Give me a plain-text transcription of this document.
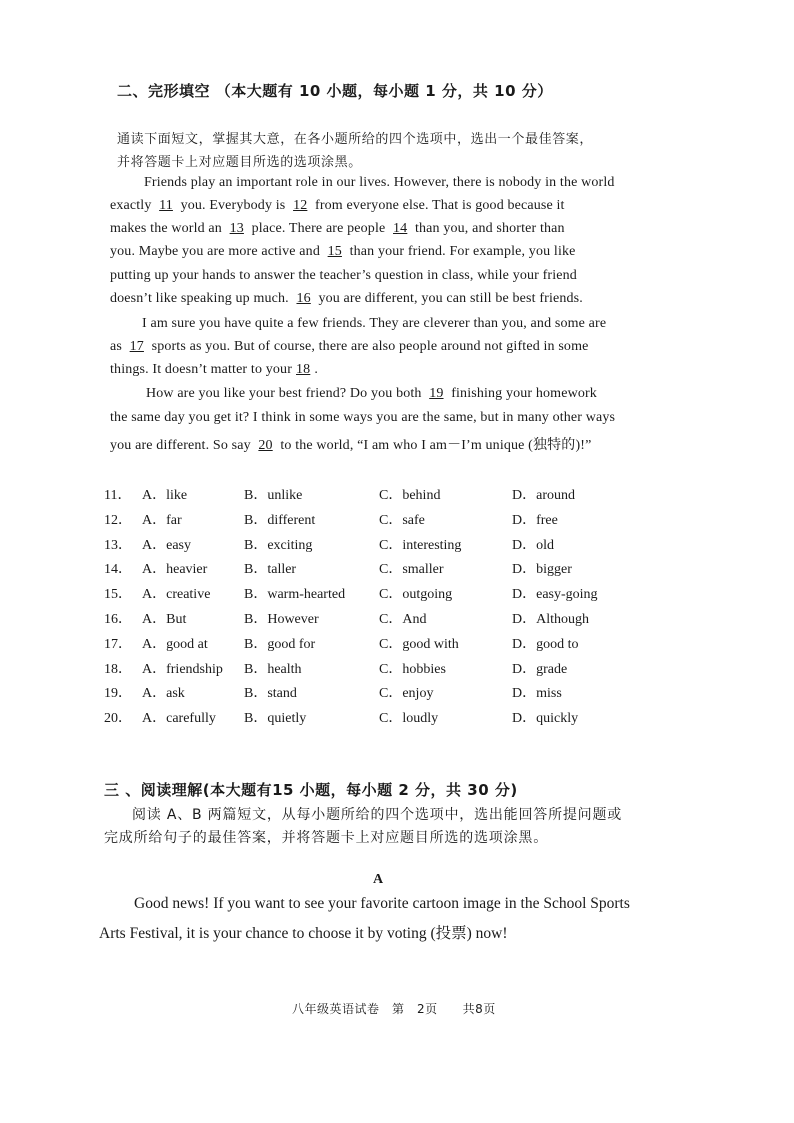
二、完形填空 （本大题有 10 小题，每小题 1 分，共 10 分）
通读下面短文，掌握其大意，在各小题所给的四个选项中，选出一个最佳答案，
并将答题卡上对应题目所选的选项涂黑。
Friends play an important role in our lives. However, there is nobody in the world
exactly 11 you. Everybody is 12 from everyone else. That is good because it
makes the world an 13 place. There are people 14 than you, and shorter than
you. Maybe you are more active and 15 than your friend. For example, you like
putting up your hands to answer the teacher’s question in class, while your friend
doesn’t like speaking up much. 16 you are different, you can still be best friends.
I am sure you have quite a few friends. They are cleverer than you, and some are
as 17 sports as you. But of course, there are also people around not gifted in some
things. It doesn’t matter to your 18 .
How are you like your best friend? Do you both 19 finishing your homework
the same day you get it? I think in some ways you are the same, but in many other ways
you are different. So say 20 to the world, “I am who I am－I’m unique (独特的)!”
11． A．like	B．unlike	C．behind	D．around
12． A．far	B．different	C．safe	D．free
13． A．easy	B．exciting	C．interesting	D．old
14． A．heavier	B．taller	C．smaller	D．bigger
15． A．creative B．warm-hearted C．outgoing	D．easy-going
16． A．But	B．However	C．And	D．Although
17． A．good at	B．good for	C．good with	D．good to
18． A．friendship B．health	C．hobbies	D．grade
19． A．ask	B．stand	C．enjoy	D．miss
20． A．carefully B．quietly	C．loudly	D．quickly
三 、阅读理解(本大题有15 小题，每小题 2 分，共 30 分)
阅读 A、B 两篇短文，从每小题所给的四个选项中，选出能回答所提问题或
完成所给句子的最佳答案，并将答题卡上对应题目所选的选项涂黑。
A
Good news! If you want to see your favorite cartoon image in the School Sports
Arts Festival, it is your chance to choose it by voting (投票) now!
八年级英语试卷　第　2页　　共8页
